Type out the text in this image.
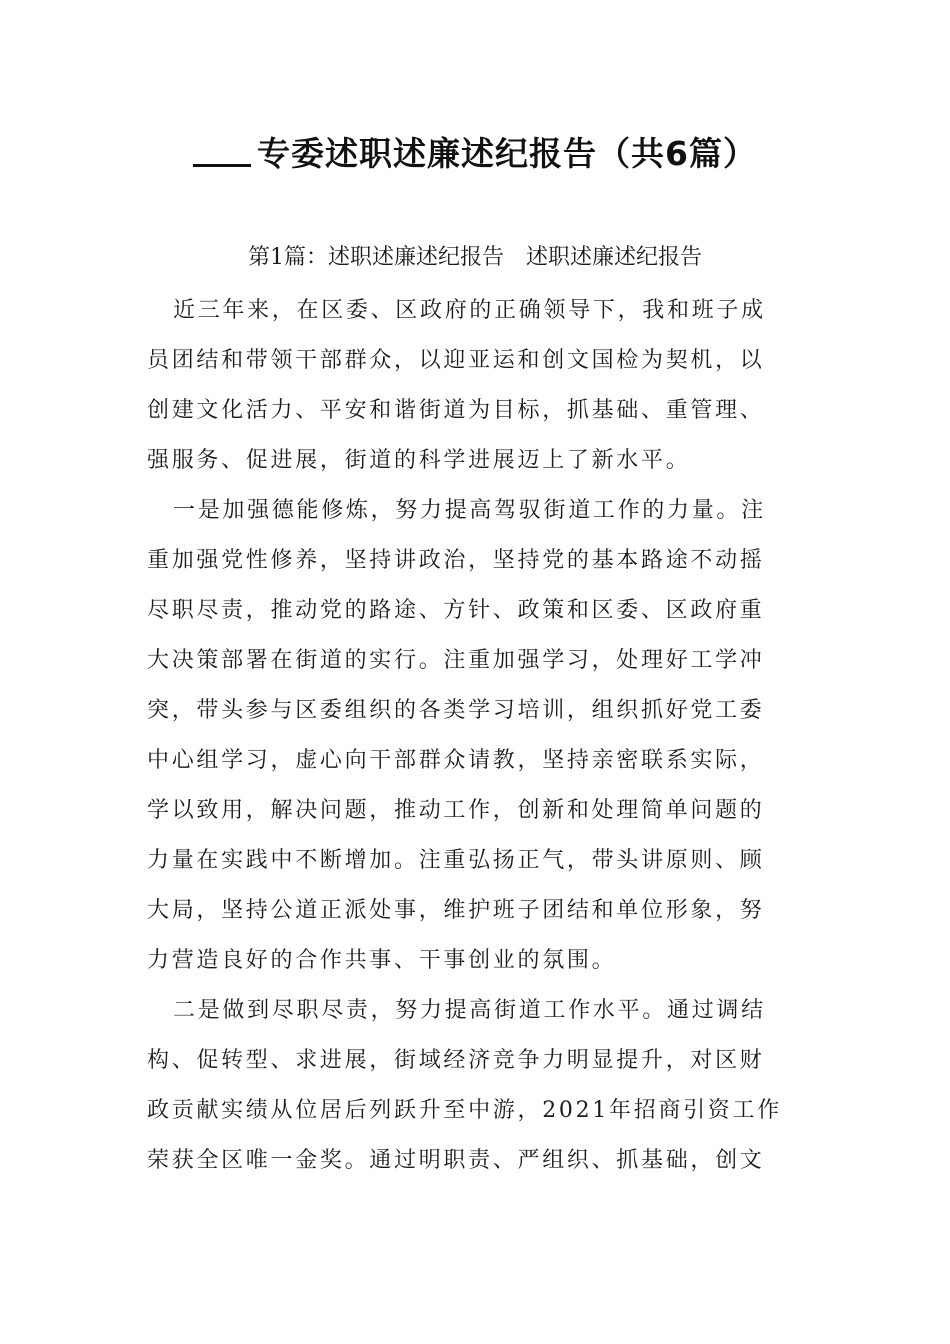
专委述职述廉述纪报告（共6篇）
第1篇：述职述廉述纪报告 述职述廉述纪报告
近三年来，在区委、区政府的正确领导下，我和班子成
员团结和带领干部群众，以迎亚运和创文国检为契机，以
创建文化活力、平安和谐街道为目标，抓基础、重管理、
强服务、促进展，街道的科学进展迈上了新水平。
一是加强德能修炼，努力提高驾驭街道工作的力量。注
重加强党性修养，坚持讲政治，坚持党的基本路途不动摇
尽职尽责，推动党的路途、方针、政策和区委、区政府重
大决策部署在街道的实行。注重加强学习，处理好工学冲
突，带头参与区委组织的各类学习培训，组织抓好党工委
中心组学习，虚心向干部群众请教，坚持亲密联系实际，
学以致用，解决问题，推动工作，创新和处理简单问题的
力量在实践中不断增加。注重弘扬正气，带头讲原则、顾
大局，坚持公道正派处事，维护班子团结和单位形象，努
力营造良好的合作共事、干事创业的氛围。
二是做到尽职尽责，努力提高街道工作水平。通过调结
构、促转型、求进展，街域经济竞争力明显提升，对区财
政贡献实绩从位居后列跃升至中游，2021年招商引资工作
荣获全区唯一金奖。通过明职责、严组织、抓基础，创文
